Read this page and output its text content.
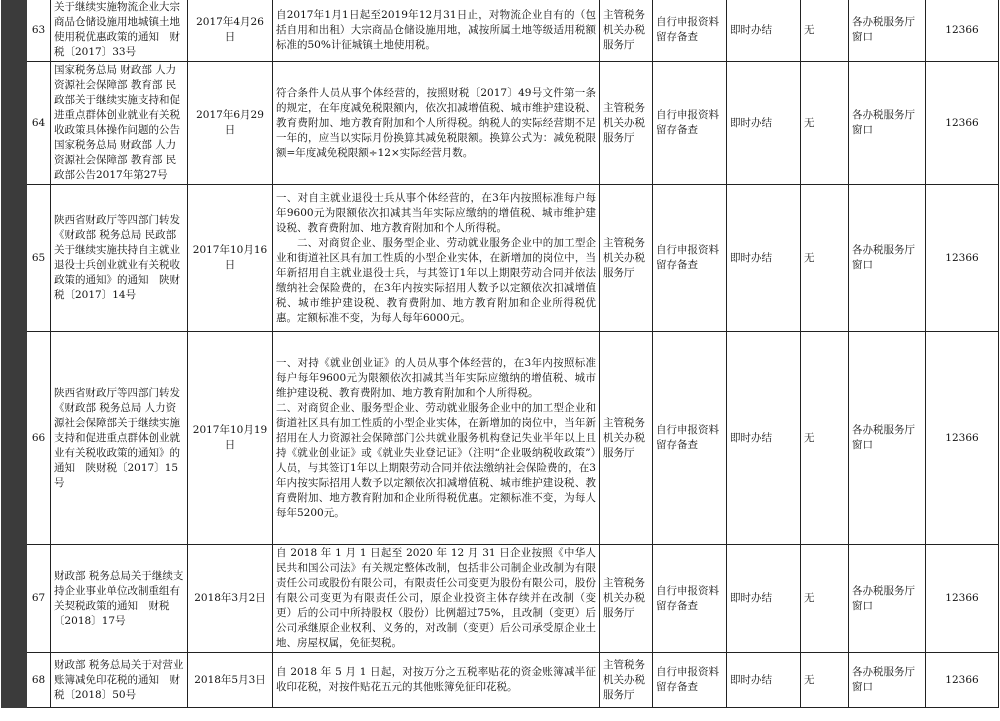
	63	关于继续实施物流企业大宗商品仓储设施用地城镇土地使用税优惠政策的通知　财税〔2017〕33号	2017年4月26日	自2017年1月1日起至2019年12月31日止，对物流企业自有的（包括自用和出租）大宗商品仓储设施用地，减按所属土地等级适用税额标准的50%计征城镇土地使用税。	主管税务机关办税服务厅	自行申报资料留存备查	即时办结	无	各办税服务厅窗口	12366
	64	国家税务总局 财政部 人力资源社会保障部 教育部 民政部关于继续实施支持和促进重点群体创业就业有关税收政策具体操作问题的公告　国家税务总局 财政部 人力资源社会保障部 教育部 民政部公告2017年第27号	2017年6月29日	符合条件人员从事个体经营的，按照财税〔2017〕49号文件第一条的规定，在年度减免税限额内，依次扣减增值税、城市维护建设税、教育费附加、地方教育附加和个人所得税。纳税人的实际经营期不足一年的，应当以实际月份换算其减免税限额。换算公式为：减免税限额=年度减免税限额÷12×实际经营月数。	主管税务机关办税服务厅	自行申报资料留存备查	即时办结	无	各办税服务厅窗口	12366
	65	陕西省财政厅等四部门转发《财政部 税务总局 民政部关于继续实施扶持自主就业退役士兵创业就业有关税收政策的通知》的通知　陕财税〔2017〕14号	2017年10月16日	一、对自主就业退役士兵从事个体经营的，在3年内按照标准每户每年9600元为限额依次扣减其当年实际应缴纳的增值税、城市维护建设税、教育费附加、地方教育附加和个人所得税。
二、对商贸企业、服务型企业、劳动就业服务企业中的加工型企业和街道社区具有加工性质的小型企业实体，在新增加的岗位中，当年新招用自主就业退役士兵，与其签订1年以上期限劳动合同并依法缴纳社会保险费的，在3年内按实际招用人数予以定额依次扣减增值税、城市维护建设税、教育费附加、地方教育附加和企业所得税优惠。定额标准不变，为每人每年6000元。	主管税务机关办税服务厅	自行申报资料留存备查	即时办结	无	各办税服务厅窗口	12366
	66	陕西省财政厅等四部门转发《财政部 税务总局 人力资源社会保障部关于继续实施支持和促进重点群体创业就业有关税收政策的通知》的通知　陕财税〔2017〕15号	2017年10月19日	一、对持《就业创业证》的人员从事个体经营的，在3年内按照标准每户每年9600元为限额依次扣减其当年实际应缴纳的增值税、城市维护建设税、教育费附加、地方教育附加和个人所得税。
二、对商贸企业、服务型企业、劳动就业服务企业中的加工型企业和街道社区具有加工性质的小型企业实体，在新增加的岗位中，当年新招用在人力资源社会保障部门公共就业服务机构登记失业半年以上且持《就业创业证》或《就业失业登记证》（注明“企业吸纳税收政策”）人员，与其签订1年以上期限劳动合同并依法缴纳社会保险费的，在3年内按实际招用人数予以定额依次扣减增值税、城市维护建设税、教育费附加、地方教育附加和企业所得税优惠。定额标准不变，为每人每年5200元。	主管税务机关办税服务厅	自行申报资料留存备查	即时办结	无	各办税服务厅窗口	12366
	67	财政部 税务总局关于继续支持企业事业单位改制重组有关契税政策的通知　财税〔2018〕17号	2018年3月2日	自 2018 年 1 月 1 日起至 2020 年 12 月 31 日企业按照《中华人民共和国公司法》有关规定整体改制，包括非公司制企业改制为有限责任公司或股份有限公司，有限责任公司变更为股份有限公司，股份有限公司变更为有限责任公司，原企业投资主体存续并在改制（变更）后的公司中所持股权（股份）比例超过75%，且改制（变更）后公司承继原企业权利、义务的，对改制（变更）后公司承受原企业土地、房屋权属，免征契税。	主管税务机关办税服务厅	自行申报资料留存备查	即时办结	无	各办税服务厅窗口	12366
	68	财政部 税务总局关于对营业账簿减免印花税的通知　财税〔2018〕50号	2018年5月3日	自 2018 年 5 月 1 日起，对按万分之五税率贴花的资金账簿减半征收印花税，对按件贴花五元的其他账簿免征印花税。	主管税务机关办税服务厅	自行申报资料留存备查	即时办结	无	各办税服务厅窗口	12366
